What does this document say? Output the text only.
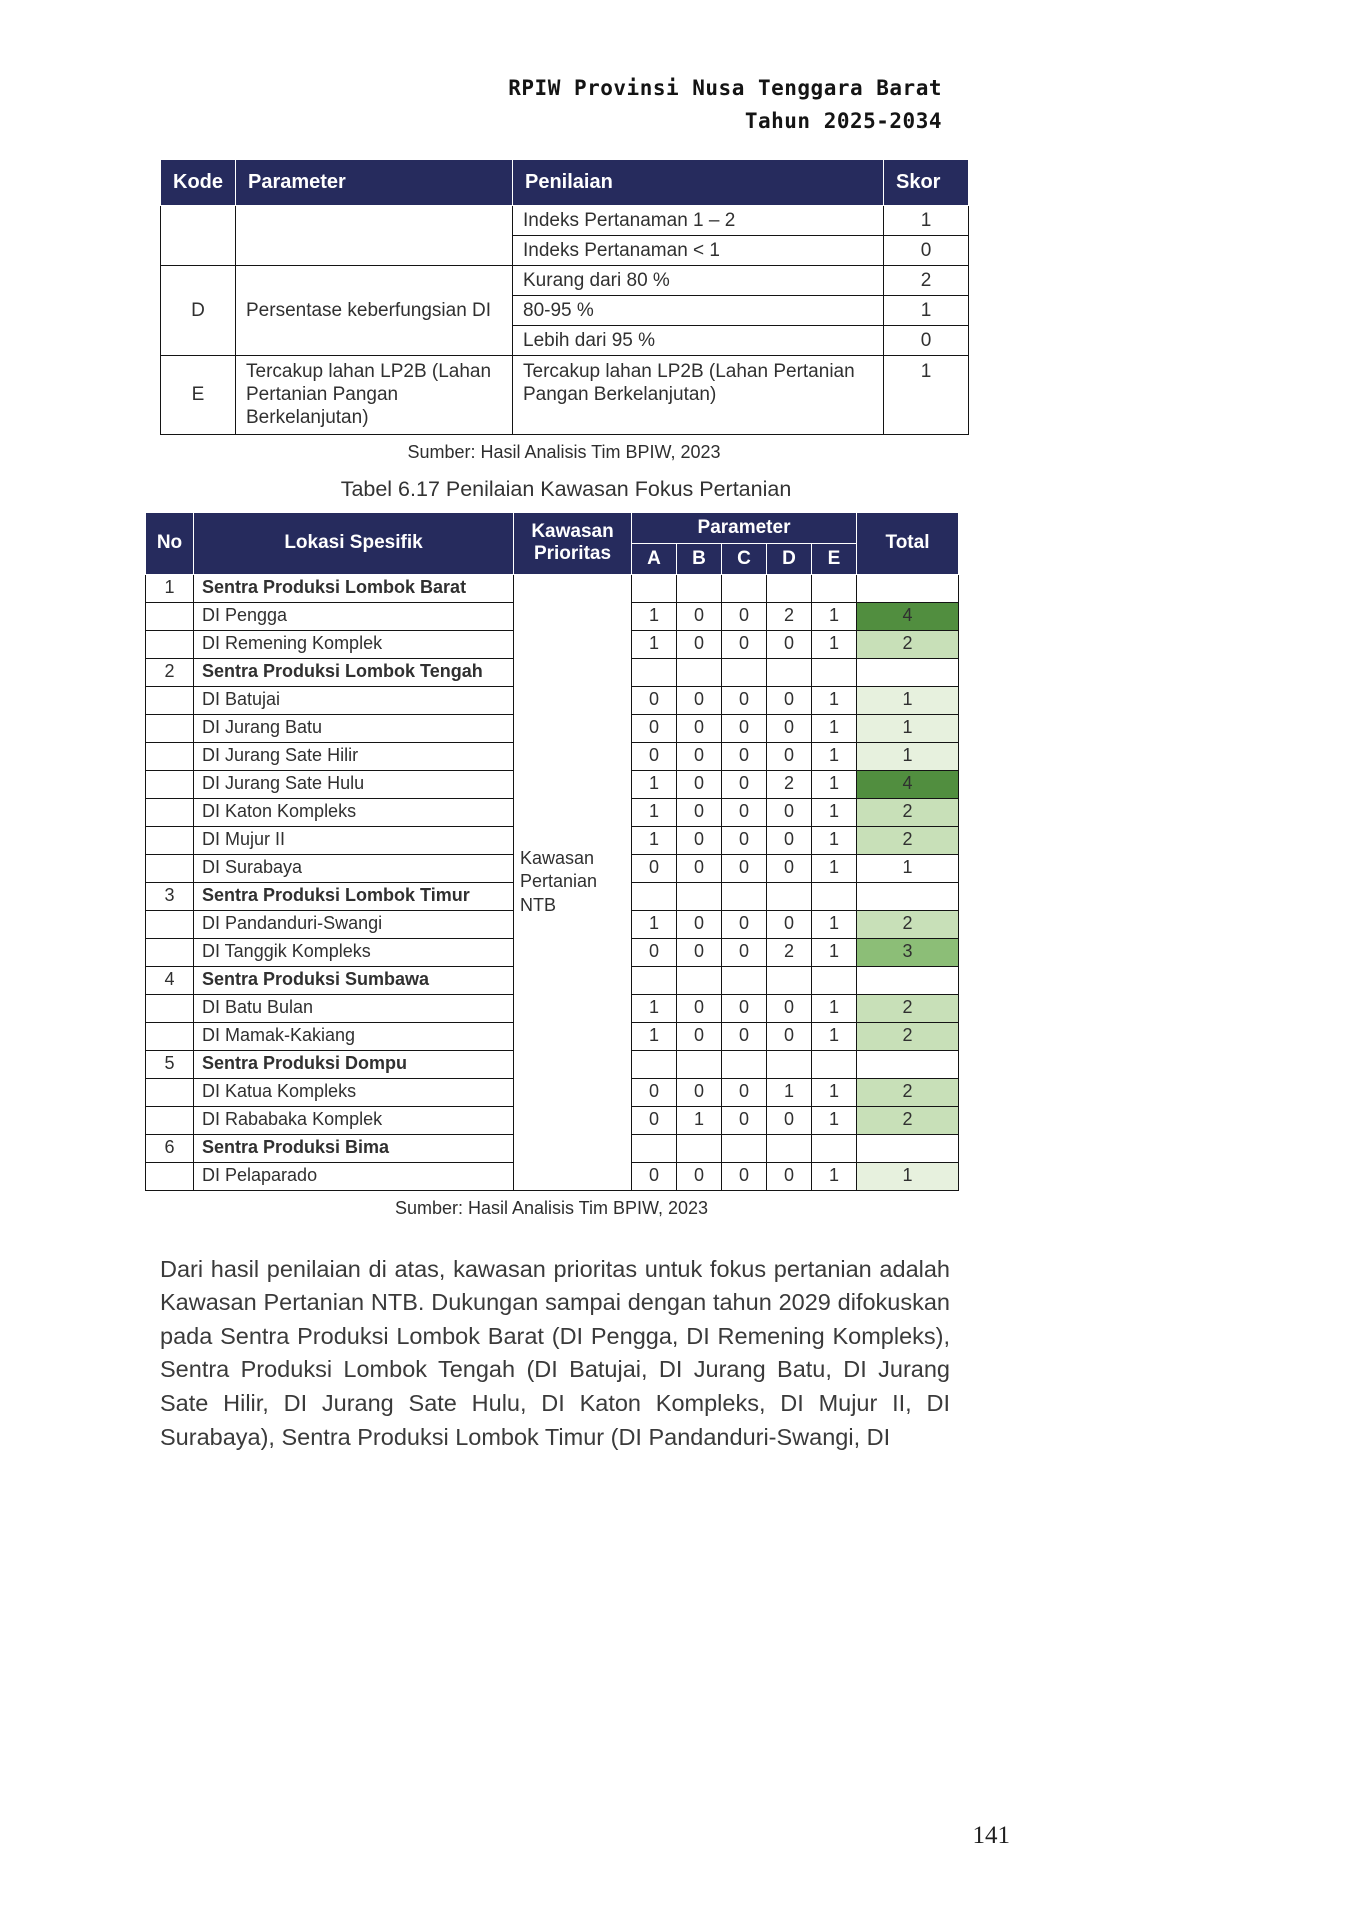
RPIW Provinsi Nusa Tenggara Barat
Tahun 2025-2034
Kode	Parameter	Penilaian	Skor
		Indeks Pertanaman 1 – 2	1
		Indeks Pertanaman < 1	0
D	Persentase keberfungsian DI	Kurang dari 80 %	2
		80-95 %	1
		Lebih dari 95 %	0
E	Tercakup lahan LP2B (Lahan Pertanian Pangan Berkelanjutan)	Tercakup lahan LP2B (Lahan Pertanian Pangan Berkelanjutan)	1
Sumber: Hasil Analisis Tim BPIW, 2023
Tabel 6.17 Penilaian Kawasan Fokus Pertanian
No	Lokasi Spesifik	Kawasan Prioritas	Parameter					Total
			A	B	C	D	E	
1	Sentra Produksi Lombok Barat	Kawasan Pertanian NTB						
	DI Pengga		1	0	0	2	1	4
	DI Remening Komplek		1	0	0	0	1	2
2	Sentra Produksi Lombok Tengah							
	DI Batujai		0	0	0	0	1	1
	DI Jurang Batu		0	0	0	0	1	1
	DI Jurang Sate Hilir		0	0	0	0	1	1
	DI Jurang Sate Hulu		1	0	0	2	1	4
	DI Katon Kompleks		1	0	0	0	1	2
	DI Mujur II		1	0	0	0	1	2
	DI Surabaya		0	0	0	0	1	1
3	Sentra Produksi Lombok Timur							
	DI Pandanduri-Swangi		1	0	0	0	1	2
	DI Tanggik Kompleks		0	0	0	2	1	3
4	Sentra Produksi Sumbawa							
	DI Batu Bulan		1	0	0	0	1	2
	DI Mamak-Kakiang		1	0	0	0	1	2
5	Sentra Produksi Dompu							
	DI Katua Kompleks		0	0	0	1	1	2
	DI Rababaka Komplek		0	1	0	0	1	2
6	Sentra Produksi Bima							
	DI Pelaparado		0	0	0	0	1	1
Sumber: Hasil Analisis Tim BPIW, 2023

Dari hasil penilaian di atas, kawasan prioritas untuk fokus pertanian adalah Kawasan Pertanian NTB. Dukungan sampai dengan tahun 2029 difokuskan pada Sentra Produksi Lombok Barat (DI Pengga, DI Remening Kompleks), Sentra Produksi Lombok Tengah (DI Batujai, DI Jurang Batu, DI Jurang Sate Hilir, DI Jurang Sate Hulu, DI Katon Kompleks, DI Mujur II, DI Surabaya), Sentra Produksi Lombok Timur (DI Pandanduri-Swangi, DI

141
